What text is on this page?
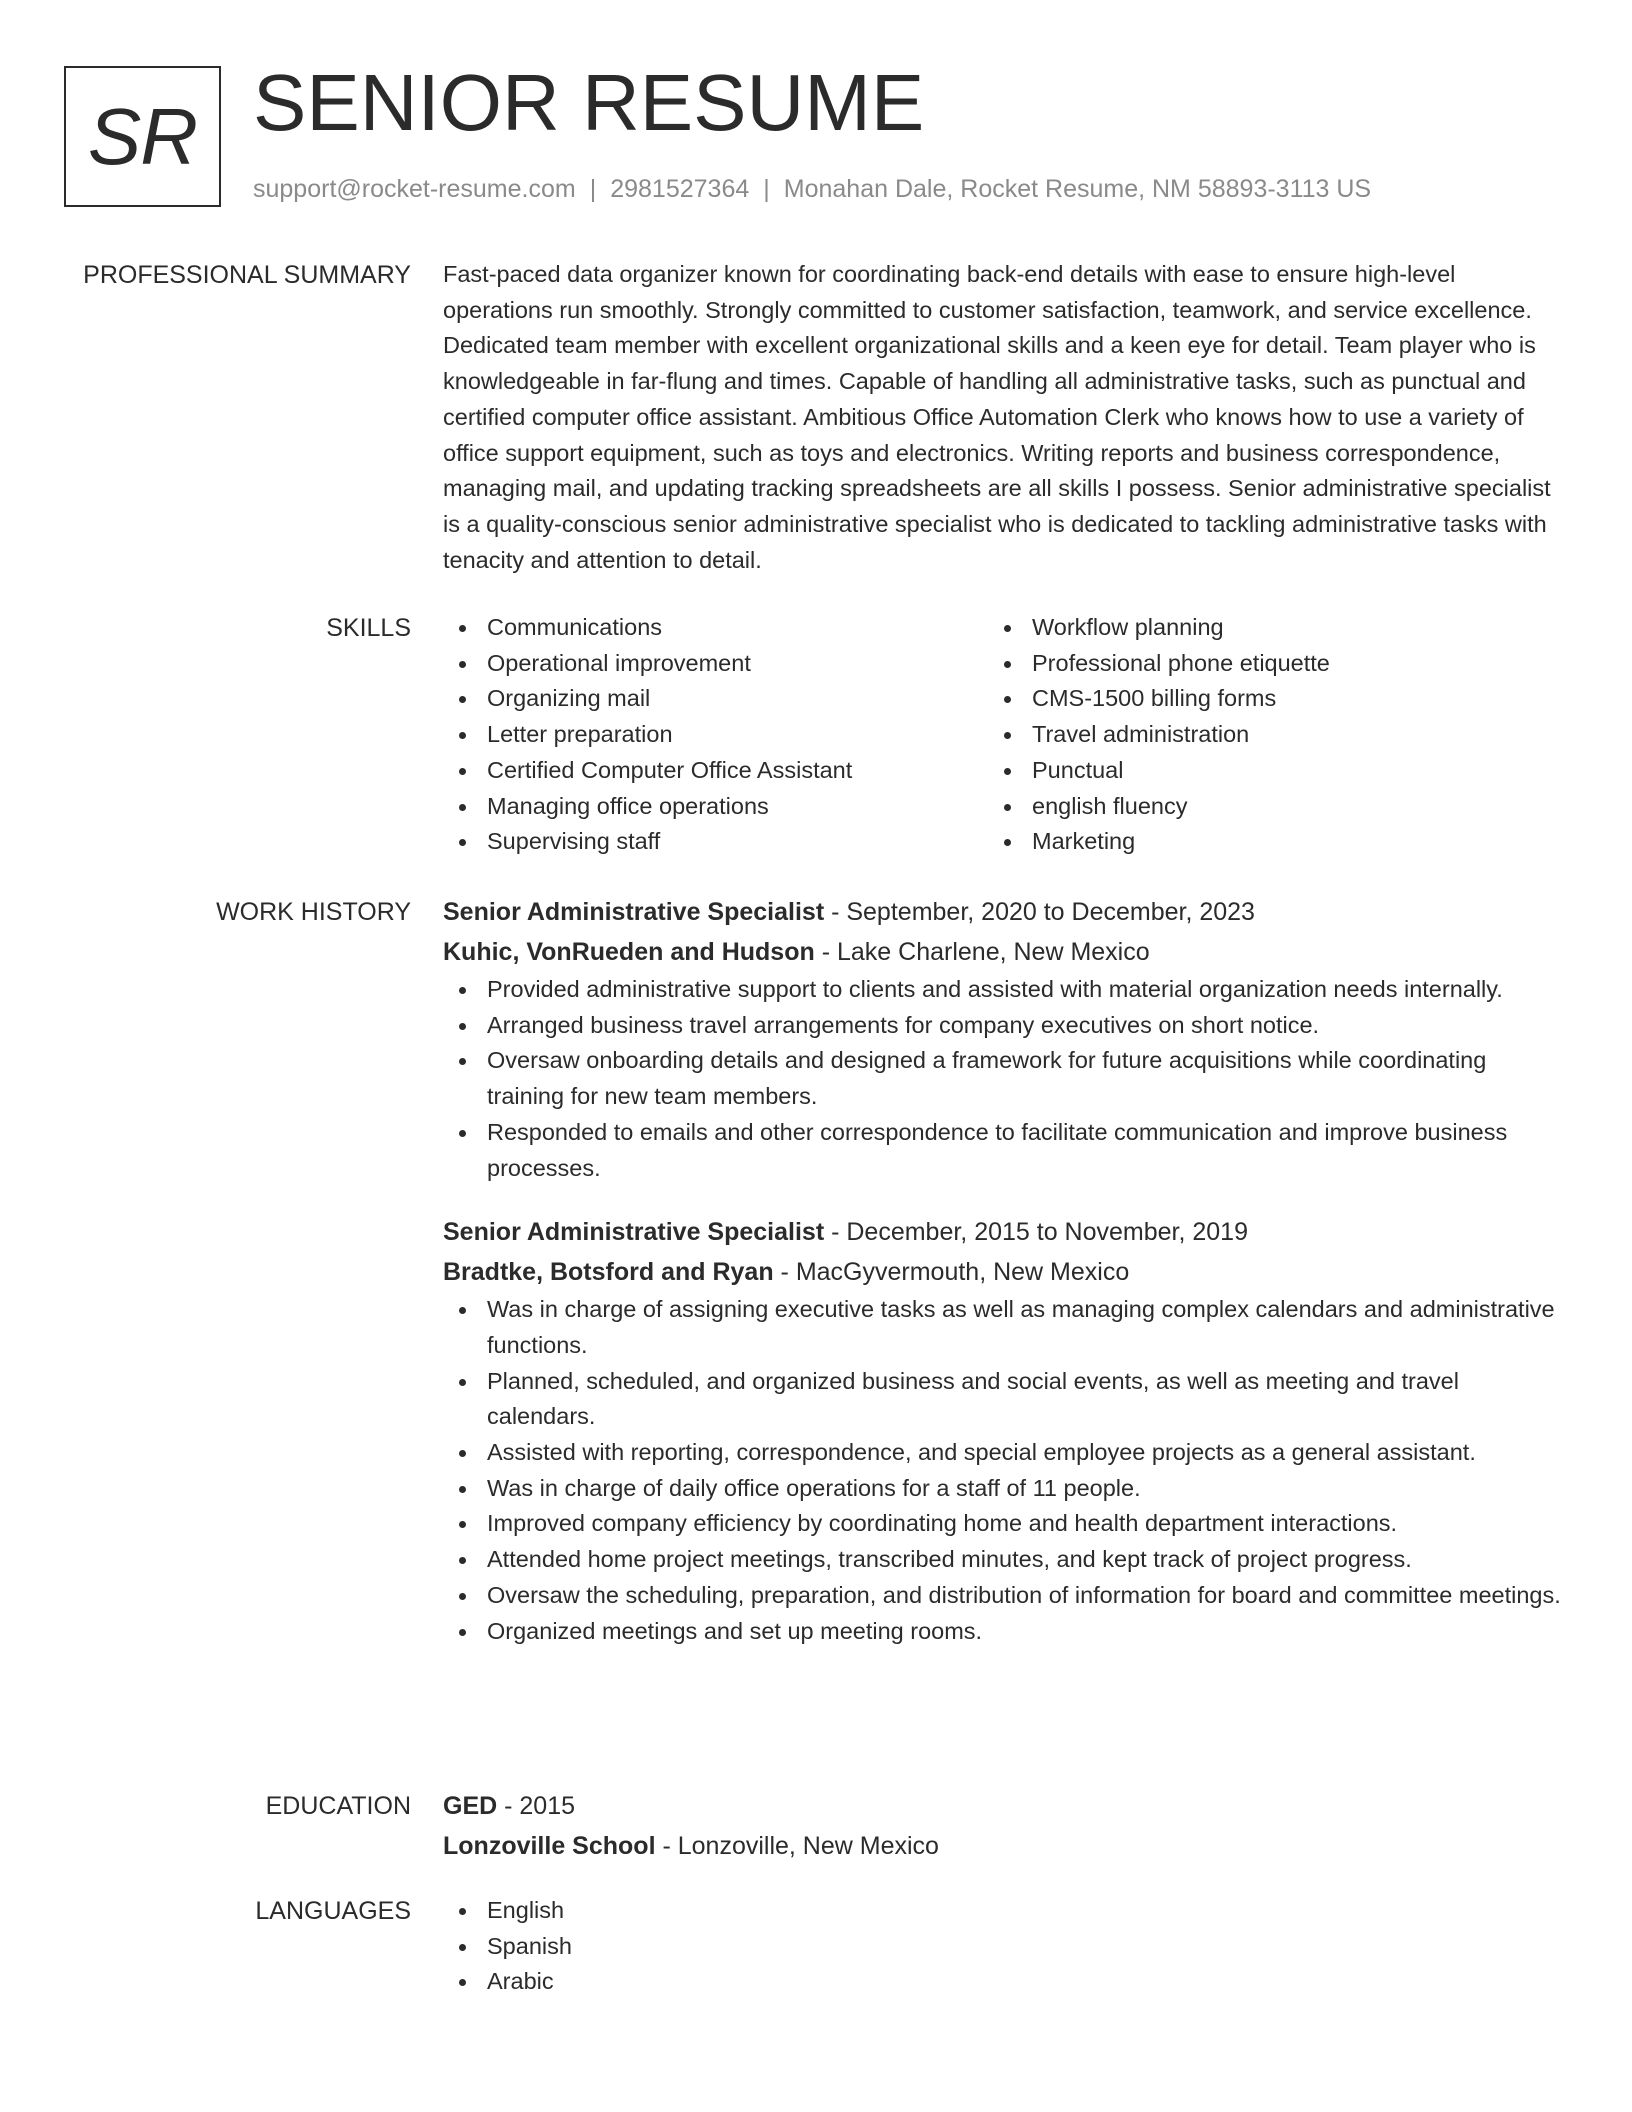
SR SENIOR RESUME
support@rocket-resume.com | 2981527364 | Monahan Dale, Rocket Resume, NM 58893-3113 US
PROFESSIONAL SUMMARY Fast-paced data organizer known for coordinating back-end details with ease to ensure high-level operations run smoothly. Strongly committed to customer satisfaction, teamwork, and service excellence. Dedicated team member with excellent organizational skills and a keen eye for detail. Team player who is knowledgeable in far-flung and times. Capable of handling all administrative tasks, such as punctual and certified computer office assistant. Ambitious Office Automation Clerk who knows how to use a variety of office support equipment, such as toys and electronics. Writing reports and business correspondence, managing mail, and updating tracking spreadsheets are all skills I possess. Senior administrative specialist is a quality-conscious senior administrative specialist who is dedicated to tackling administrative tasks with tenacity and attention to detail.

SKILLS	Communications
Operational improvement
Organizing mail
Letter preparation
Certified Computer Office Assistant
Managing office operations
Supervising staff
Workflow planning
Professional phone etiquette
CMS-1500 billing forms
Travel administration
Punctual
english fluency
Marketing
WORK HISTORY Senior Administrative Specialist - September, 2020 to December, 2023
Kuhic, VonRueden and Hudson - Lake Charlene, New Mexico
Provided administrative support to clients and assisted with material organization needs internally.
Arranged business travel arrangements for company executives on short notice.
Oversaw onboarding details and designed a framework for future acquisitions while coordinating training for new team members.
Responded to emails and other correspondence to facilitate communication and improve business processes.
Senior Administrative Specialist - December, 2015 to November, 2019
Bradtke, Botsford and Ryan - MacGyvermouth, New Mexico
Was in charge of assigning executive tasks as well as managing complex calendars and administrative functions.
Planned, scheduled, and organized business and social events, as well as meeting and travel calendars.
Assisted with reporting, correspondence, and special employee projects as a general assistant.
Was in charge of daily office operations for a staff of 11 people.
Improved company efficiency by coordinating home and health department interactions.
Attended home project meetings, transcribed minutes, and kept track of project progress.
Oversaw the scheduling, preparation, and distribution of information for board and committee meetings.
Organized meetings and set up meeting rooms.
EDUCATION GED - 2015
Lonzoville School - Lonzoville, New Mexico
LANGUAGES	English
Spanish
Arabic
